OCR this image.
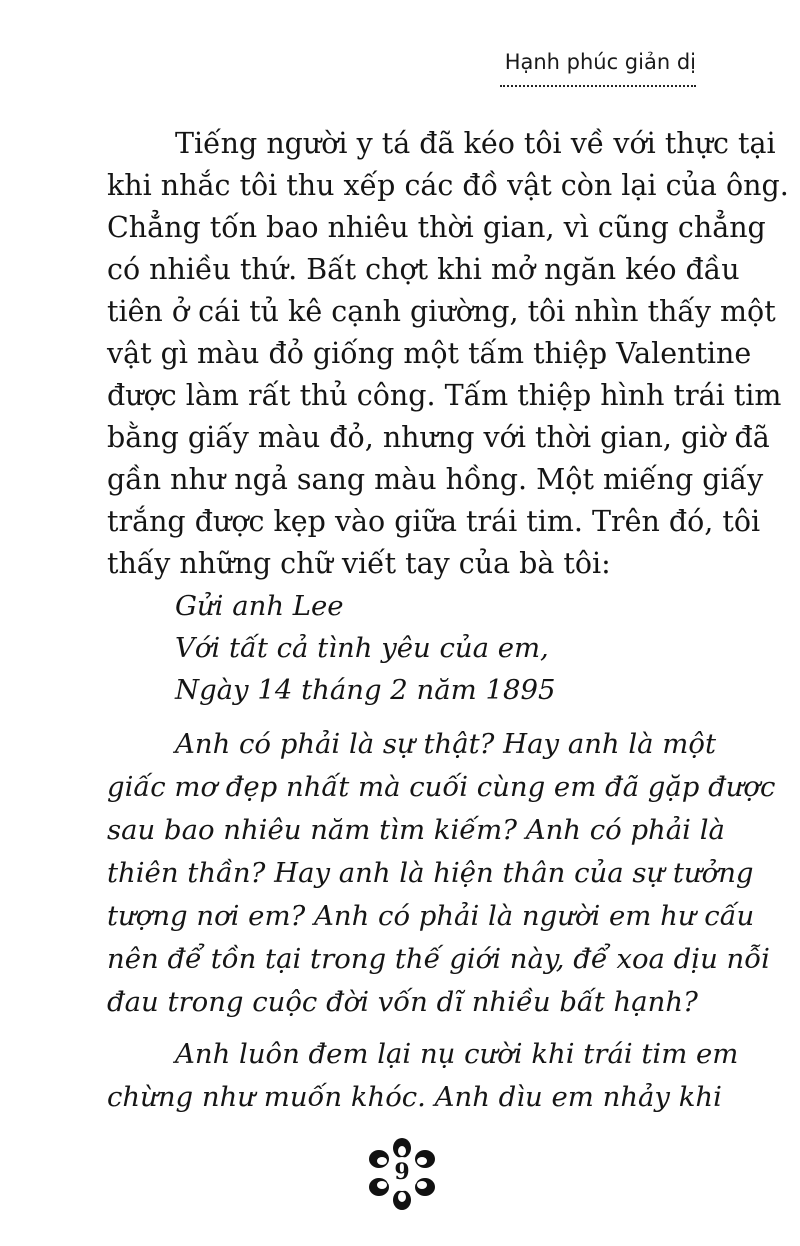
Hạnh phúc giản dị
Tiếng người y tá đã kéo tôi về với thực tại
khi nhắc tôi thu xếp các đồ vật còn lại của ông.
Chẳng tốn bao nhiêu thời gian, vì cũng chẳng
có nhiều thứ. Bất chợt khi mở ngăn kéo đầu
tiên ở cái tủ kê cạnh giường, tôi nhìn thấy một
vật gì màu đỏ giống một tấm thiệp Valentine
được làm rất thủ công. Tấm thiệp hình trái tim
bằng giấy màu đỏ, nhưng với thời gian, giờ đã
gần như ngả sang màu hồng. Một miếng giấy
trắng được kẹp vào giữa trái tim. Trên đó, tôi
thấy những chữ viết tay của bà tôi:
Gửi anh Lee
Với tất cả tình yêu của em,
Ngày 14 tháng 2 năm 1895
Anh có phải là sự thật? Hay anh là một
giấc mơ đẹp nhất mà cuối cùng em đã gặp được
sau bao nhiêu năm tìm kiếm? Anh có phải là
thiên thần? Hay anh là hiện thân của sự tưởng
tượng nơi em? Anh có phải là người em hư cấu
nên để tồn tại trong thế giới này, để xoa dịu nỗi
đau trong cuộc đời vốn dĩ nhiều bất hạnh?
Anh luôn đem lại nụ cười khi trái tim em
chừng như muốn khóc. Anh dìu em nhảy khi
9
